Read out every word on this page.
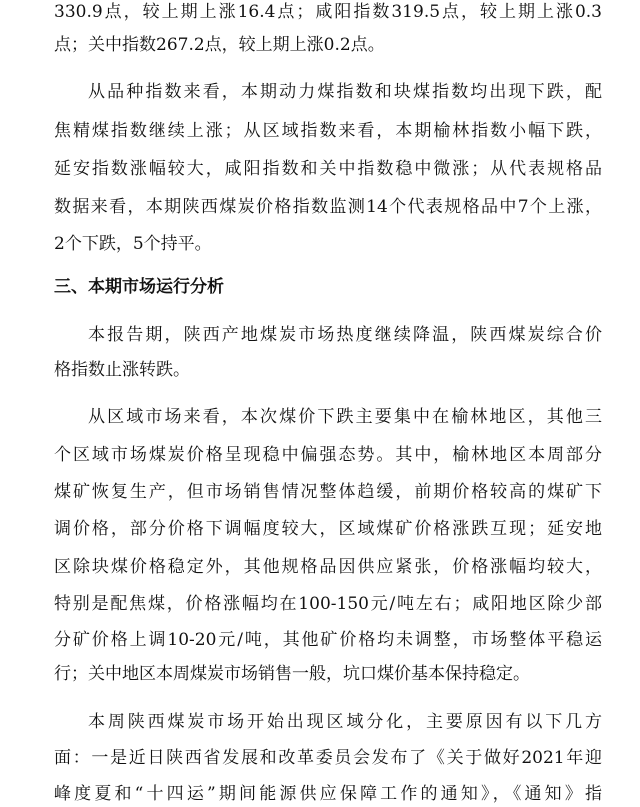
330.9点，较上期上涨16.4点；咸阳指数319.5点，较上期上涨0.3
点；关中指数267.2点，较上期上涨0.2点。
从品种指数来看，本期动力煤指数和块煤指数均出现下跌，配
焦精煤指数继续上涨；从区域指数来看，本期榆林指数小幅下跌，
延安指数涨幅较大，咸阳指数和关中指数稳中微涨；从代表规格品
数据来看，本期陕西煤炭价格指数监测14个代表规格品中7个上涨，
2个下跌，5个持平。
三、本期市场运行分析
本报告期，陕西产地煤炭市场热度继续降温，陕西煤炭综合价
格指数止涨转跌。
从区域市场来看，本次煤价下跌主要集中在榆林地区，其他三
个区域市场煤炭价格呈现稳中偏强态势。其中，榆林地区本周部分
煤矿恢复生产，但市场销售情况整体趋缓，前期价格较高的煤矿下
调价格，部分价格下调幅度较大，区域煤矿价格涨跌互现；延安地
区除块煤价格稳定外，其他规格品因供应紧张，价格涨幅均较大，
特别是配焦煤，价格涨幅均在100-150元/吨左右；咸阳地区除少部
分矿价格上调10-20元/吨，其他矿价格均未调整，市场整体平稳运
行；关中地区本周煤炭市场销售一般，坑口煤价基本保持稳定。
本周陕西煤炭市场开始出现区域分化，主要原因有以下几方
面：一是近日陕西省发展和改革委员会发布了《关于做好2021年迎
峰度夏和“十四运”期间能源供应保障工作的通知》，《通知》指
